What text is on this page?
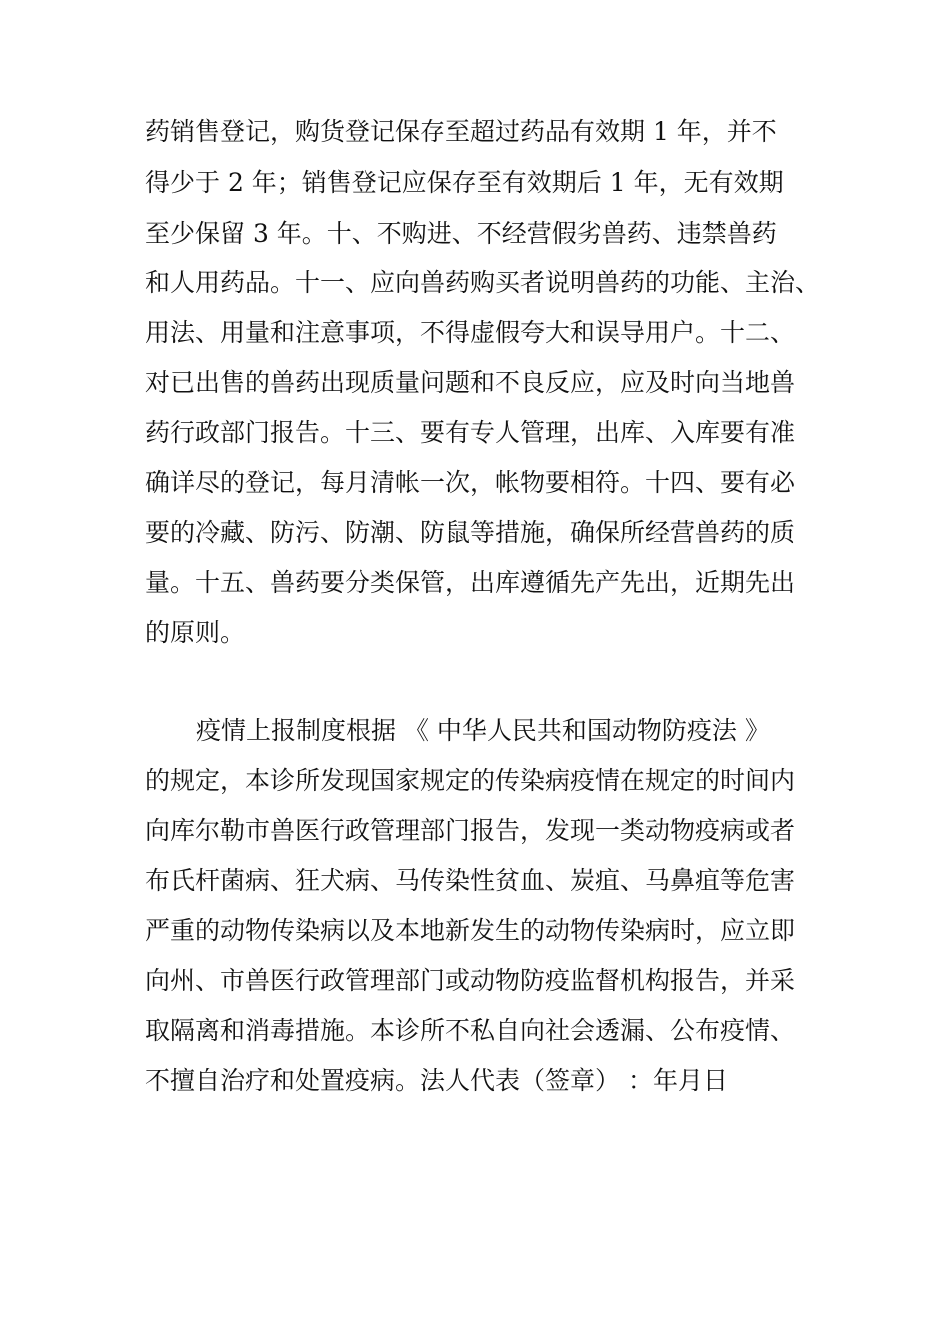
药销售登记，购货登记保存至超过药品有效期 1 年，并不

得少于 2 年；销售登记应保存至有效期后 1 年，无有效期

至少保留 3 年。十、不购进、不经营假劣兽药、违禁兽药

和人用药品。十一、应向兽药购买者说明兽药的功能、主治、

用法、用量和注意事项，不得虚假夸大和误导用户。十二、

对已出售的兽药出现质量问题和不良反应，应及时向当地兽

药行政部门报告。十三、要有专人管理，出库、入库要有准

确详尽的登记，每月清帐一次，帐物要相符。十四、要有必

要的冷藏、防污、防潮、防鼠等措施，确保所经营兽药的质

量。十五、兽药要分类保管，出库遵循先产先出，近期先出

的原则。

疫情上报制度根据 《 中华人民共和国动物防疫法 》

的规定，本诊所发现国家规定的传染病疫情在规定的时间内

向库尔勒市兽医行政管理部门报告，发现一类动物疫病或者

布氏杆菌病、狂犬病、马传染性贫血、炭疽、马鼻疽等危害

严重的动物传染病以及本地新发生的动物传染病时，应立即

向州、市兽医行政管理部门或动物防疫监督机构报告，并采

取隔离和消毒措施。本诊所不私自向社会透漏、公布疫情、

不擅自治疗和处置疫病。法人代表（签章） ：年月日
